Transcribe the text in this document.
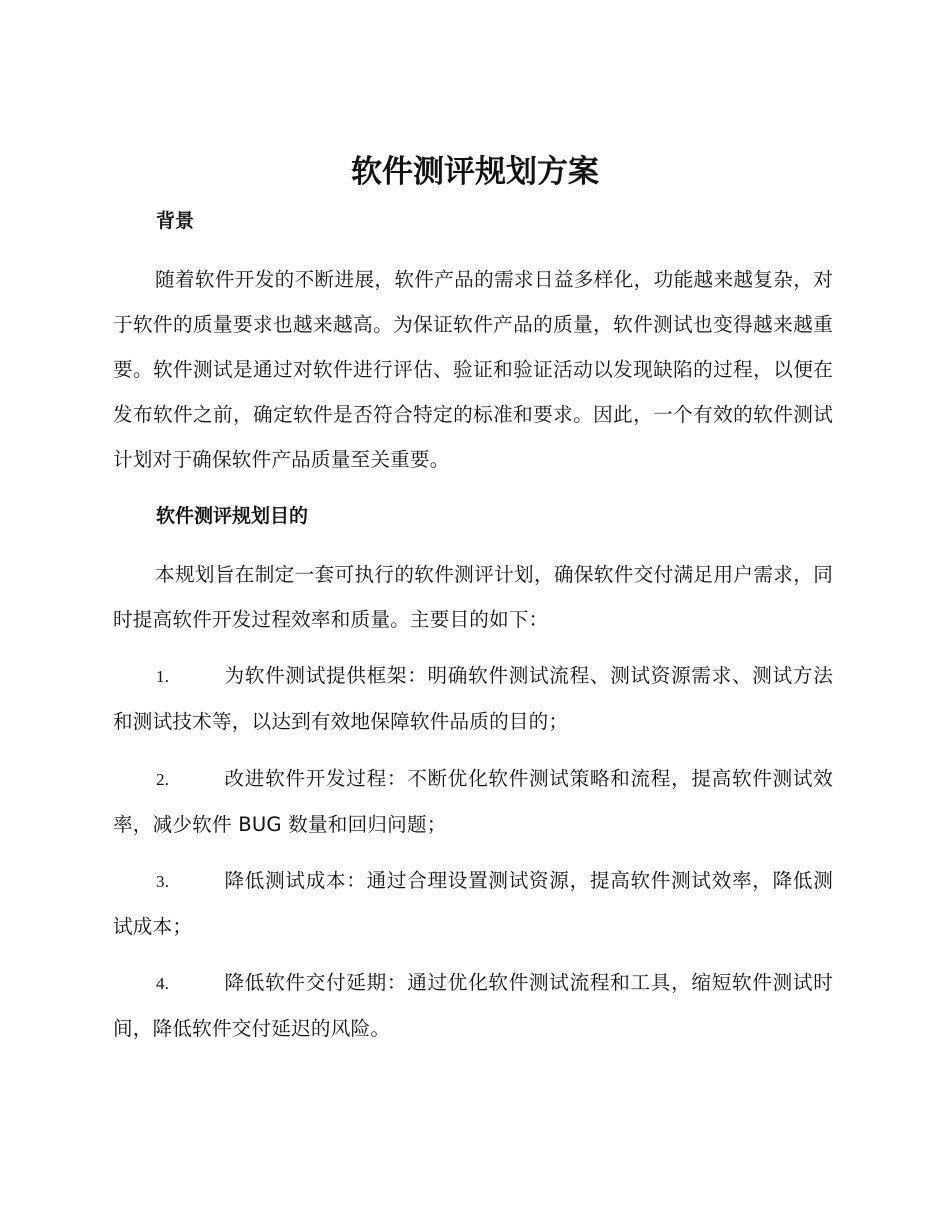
软件测评规划方案
背景
随着软件开发的不断进展，软件产品的需求日益多样化，功能越来越复杂，对于软件的质量要求也越来越高。为保证软件产品的质量，软件测试也变得越来越重要。软件测试是通过对软件进行评估、验证和验证活动以发现缺陷的过程，以便在发布软件之前，确定软件是否符合特定的标准和要求。因此，一个有效的软件测试计划对于确保软件产品质量至关重要。
软件测评规划目的
本规划旨在制定一套可执行的软件测评计划，确保软件交付满足用户需求，同时提高软件开发过程效率和质量。主要目的如下：
1.	为软件测试提供框架：明确软件测试流程、测试资源需求、测试方法和测试技术等，以达到有效地保障软件品质的目的；
2.	改进软件开发过程：不断优化软件测试策略和流程，提高软件测试效率，减少软件 BUG 数量和回归问题；
3.	降低测试成本：通过合理设置测试资源，提高软件测试效率，降低测试成本；
4.	降低软件交付延期：通过优化软件测试流程和工具，缩短软件测试时间，降低软件交付延迟的风险。
